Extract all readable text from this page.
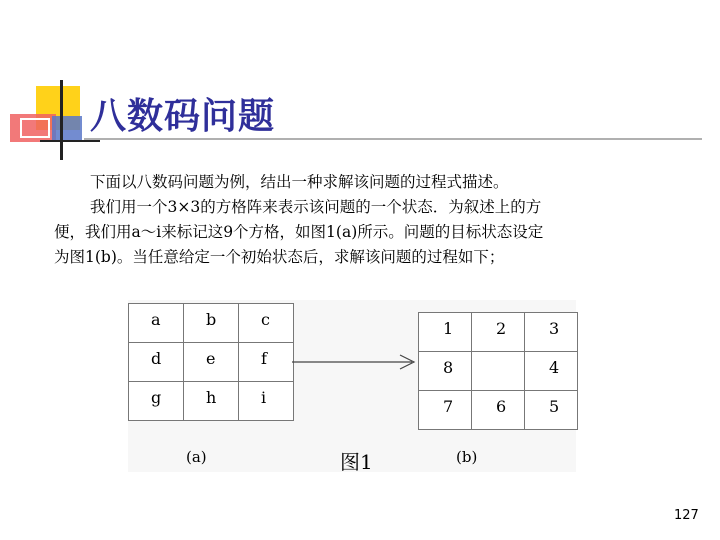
八数码问题

下面以八数码问题为例，结出一种求解该问题的过程式描述。

我们用一个3×3的方格阵来表示该问题的一个状态．为叙述上的方

便，我们用a～i来标记这9个方格，如图1(a)所示。问题的目标状态设定

为图1(b)。当任意给定一个初始状态后，求解该问题的过程如下；

a	b	c

d	e	f

g	h	i
1	2	3

8		4

7	6	5
(a)	图1	(b)
127
